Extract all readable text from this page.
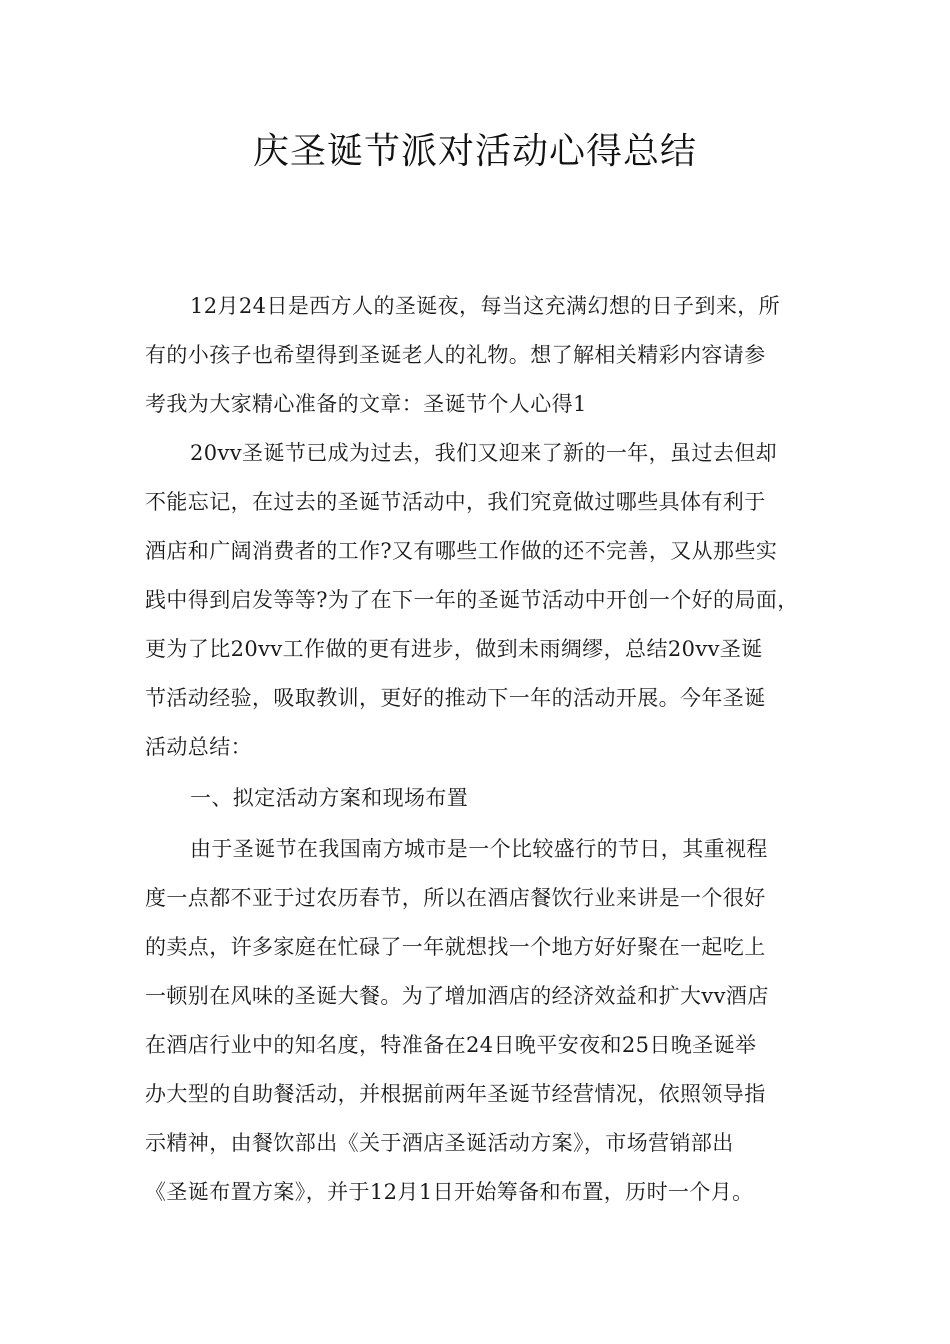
庆圣诞节派对活动心得总结
12月24日是西方人的圣诞夜，每当这充满幻想的日子到来，所
有的小孩子也希望得到圣诞老人的礼物。想了解相关精彩内容请参
考我为大家精心准备的文章：圣诞节个人心得1
20vv圣诞节已成为过去，我们又迎来了新的一年，虽过去但却
不能忘记，在过去的圣诞节活动中，我们究竟做过哪些具体有利于
酒店和广阔消费者的工作?又有哪些工作做的还不完善，又从那些实
践中得到启发等等?为了在下一年的圣诞节活动中开创一个好的局面，
更为了比20vv工作做的更有进步，做到未雨绸缪，总结20vv圣诞
节活动经验，吸取教训，更好的推动下一年的活动开展。今年圣诞
活动总结：
一、拟定活动方案和现场布置
由于圣诞节在我国南方城市是一个比较盛行的节日，其重视程
度一点都不亚于过农历春节，所以在酒店餐饮行业来讲是一个很好
的卖点，许多家庭在忙碌了一年就想找一个地方好好聚在一起吃上
一顿别在风味的圣诞大餐。为了增加酒店的经济效益和扩大vv酒店
在酒店行业中的知名度，特准备在24日晚平安夜和25日晚圣诞举
办大型的自助餐活动，并根据前两年圣诞节经营情况，依照领导指
示精神，由餐饮部出《关于酒店圣诞活动方案》，市场营销部出
《圣诞布置方案》，并于12月1日开始筹备和布置，历时一个月。
